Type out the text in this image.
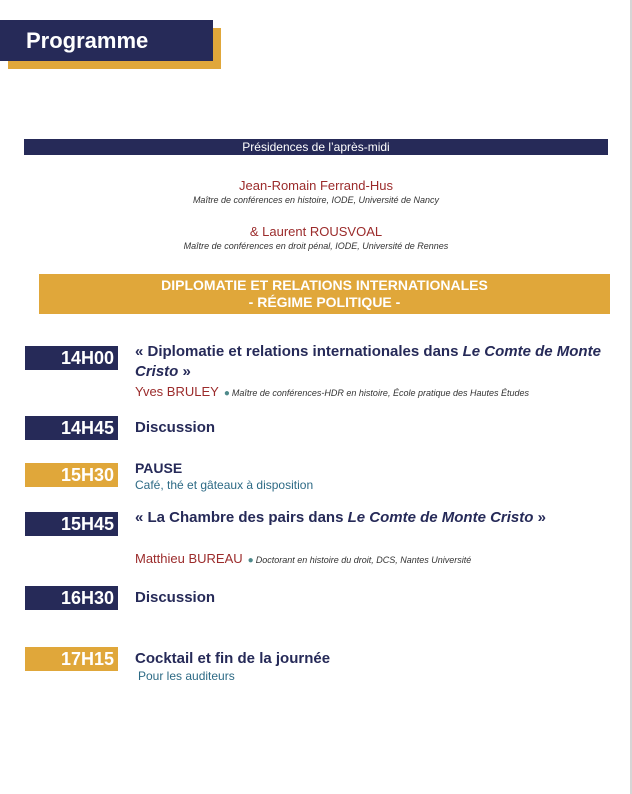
Programme
Présidences de l’après-midi
Jean-Romain Ferrand-Hus
Maître de conférences en histoire, IODE, Université de Nancy
& Laurent ROUSVOAL
Maître de conférences en droit pénal, IODE, Université de Rennes
DIPLOMATIE ET RELATIONS INTERNATIONALES
- RÉGIME POLITIQUE -
14H00 « Diplomatie et relations internationales dans Le Comte de Monte Cristo »
Yves BRULEY ● Maître de conférences-HDR en histoire, École pratique des Hautes Études
14H45 Discussion
15H30 PAUSE
Café, thé et gâteaux à disposition
15H45 « La Chambre des pairs dans Le Comte de Monte Cristo »
Matthieu BUREAU ● Doctorant en histoire du droit, DCS, Nantes Université
16H30 Discussion
17H15 Cocktail et fin de la journée
Pour les auditeurs
